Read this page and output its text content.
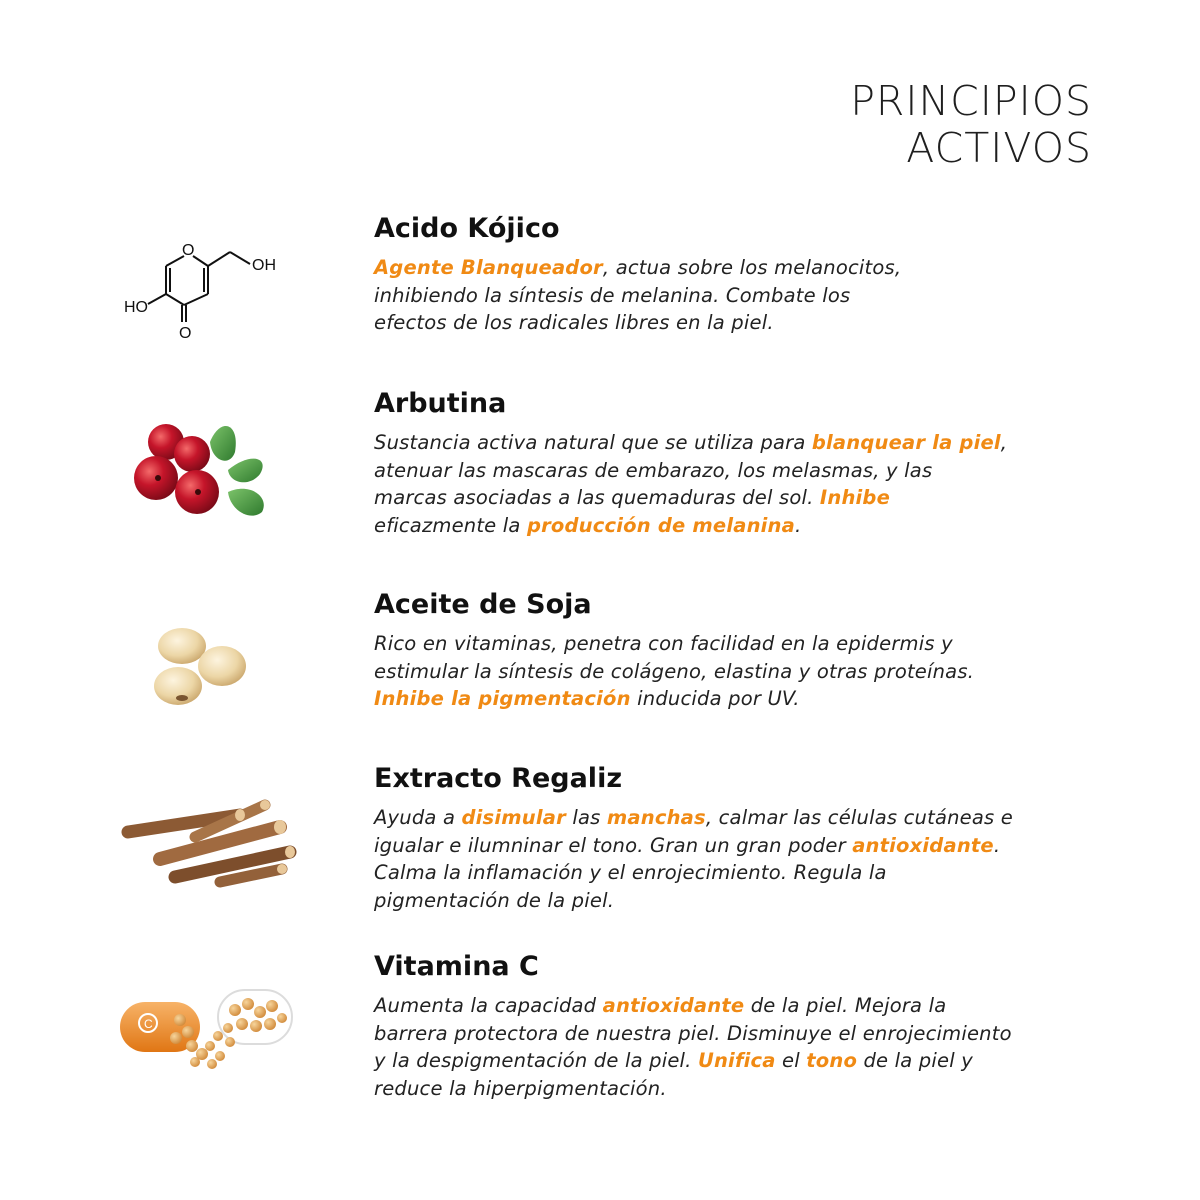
PRINCIPIOS
ACTIVOS
O
OH
HO
O
Acido Kójico

Agente Blanqueador, actua sobre los melanocitos,
inhibiendo la síntesis de melanina. Combate los
efectos de los radicales libres en la piel.

Arbutina

Sustancia activa natural que se utiliza para blanquear la piel,
atenuar las mascaras de embarazo, los melasmas, y las
marcas asociadas a las quemaduras del sol. Inhibe
eficazmente la producción de melanina.

Aceite de Soja

Rico en vitaminas, penetra con facilidad en la epidermis y
estimular la síntesis de colágeno, elastina y otras proteínas.
Inhibe la pigmentación inducida por UV.

Extracto Regaliz

Ayuda a disimular las manchas, calmar las células cutáneas e
igualar e ilumninar el tono. Gran un gran poder antioxidante.
Calma la inflamación y el enrojecimiento. Regula la
pigmentación de la piel.

C
Vitamina C

Aumenta la capacidad antioxidante de la piel. Mejora la
barrera protectora de nuestra piel. Disminuye el enrojecimiento
y la despigmentación de la piel. Unifica el tono de la piel y
reduce la hiperpigmentación.
